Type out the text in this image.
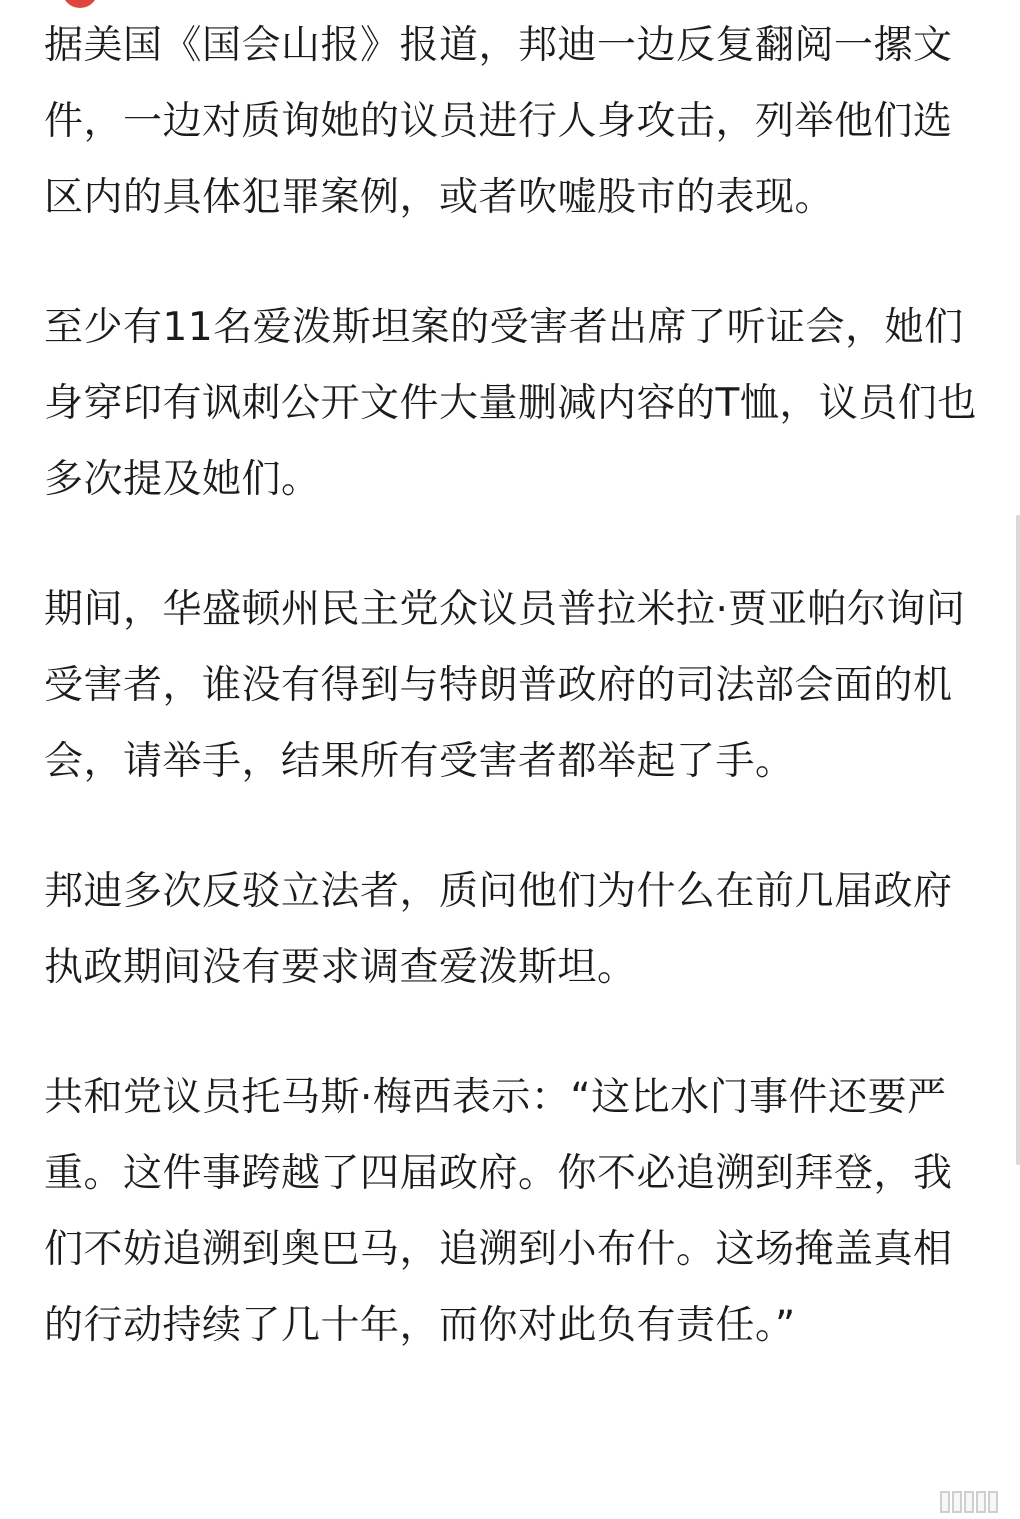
据美国《国会山报》报道，邦迪一边反复翻阅一摞文件，一边对质询她的议员进行人身攻击，列举他们选区内的具体犯罪案例，或者吹嘘股市的表现。

至少有11名爱泼斯坦案的受害者出席了听证会，她们身穿印有讽刺公开文件大量删减内容的T恤，议员们也多次提及她们。

期间，华盛顿州民主党众议员普拉米拉·贾亚帕尔询问受害者，谁没有得到与特朗普政府的司法部会面的机会，请举手，结果所有受害者都举起了手。

邦迪多次反驳立法者，质问他们为什么在前几届政府执政期间没有要求调查爱泼斯坦。

共和党议员托马斯·梅西表示：“这比水门事件还要严重。这件事跨越了四届政府。你不必追溯到拜登，我们不妨追溯到奥巴马，追溯到小布什。这场掩盖真相的行动持续了几十年，而你对此负有责任。”
